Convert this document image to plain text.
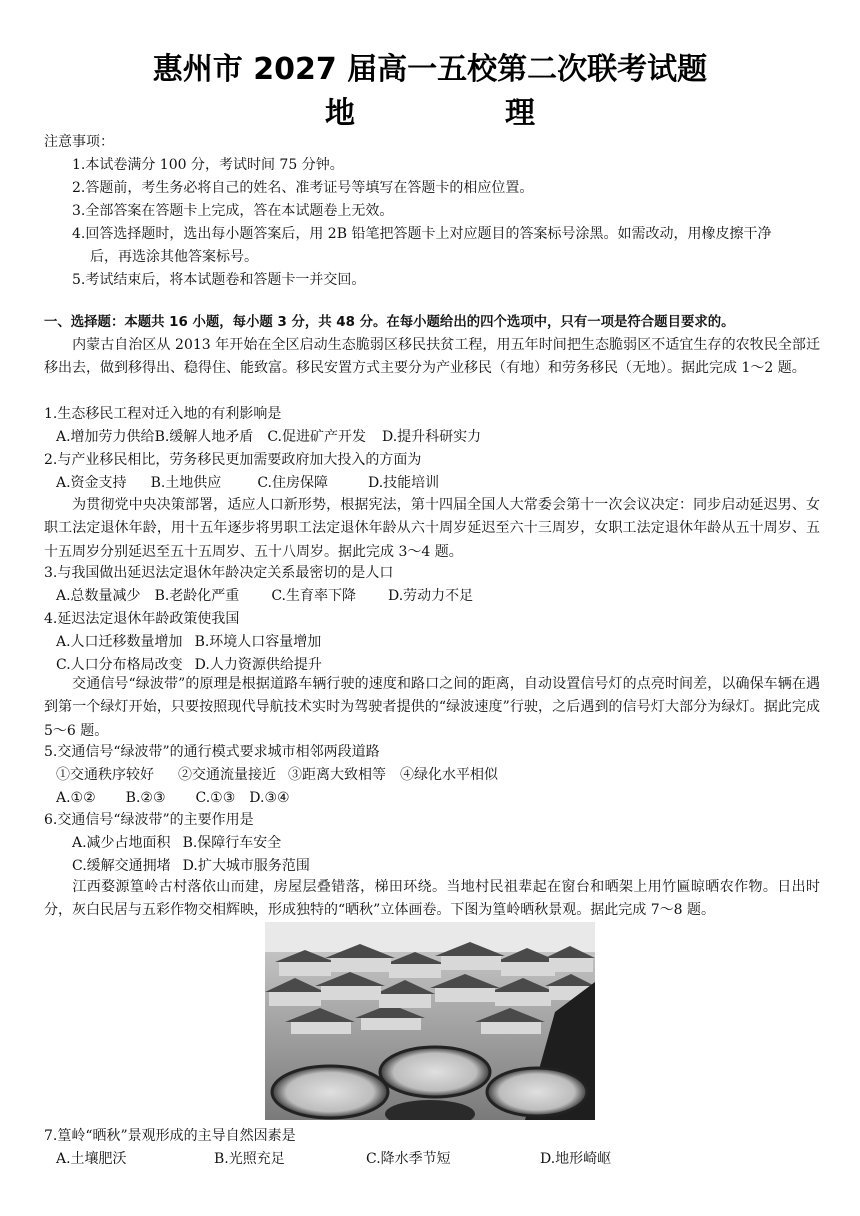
惠州市 2027 届高一五校第二次联考试题
地　理
注意事项：
1.本试卷满分 100 分，考试时间 75 分钟。
2.答题前，考生务必将自己的姓名、准考证号等填写在答题卡的相应位置。
3.全部答案在答题卡上完成，答在本试题卷上无效。
4.回答选择题时，选出每小题答案后，用 2B 铅笔把答题卡上对应题目的答案标号涂黑。如需改动，用橡皮擦干净
后，再选涂其他答案标号。
5.考试结束后，将本试题卷和答题卡一并交回。
一、选择题：本题共 16 小题，每小题 3 分，共 48 分。在每小题给出的四个选项中，只有一项是符合题目要求的。
内蒙古自治区从 2013 年开始在全区启动生态脆弱区移民扶贫工程，用五年时间把生态脆弱区不适宜生存的农牧民全部迁移出去，做到移得出、稳得住、能致富。移民安置方式主要分为产业移民（有地）和劳务移民（无地）。据此完成 1～2 题。
1.生态移民工程对迁入地的有利影响是
A.增加劳力供给B.缓解人地矛盾 C.促进矿产开发 D.提升科研实力
2.与产业移民相比，劳务移民更加需要政府加大投入的方面为
A.资金支持 B.土地供应	C.住房保障	D.技能培训
为贯彻党中央决策部署，适应人口新形势，根据宪法，第十四届全国人大常委会第十一次会议决定：同步启动延迟男、女职工法定退休年龄，用十五年逐步将男职工法定退休年龄从六十周岁延迟至六十三周岁，女职工法定退休年龄从五十周岁、五十五周岁分别延迟至五十五周岁、五十八周岁。据此完成 3～4 题。
3.与我国做出延迟法定退休年龄决定关系最密切的是人口
A.总数量减少 B.老龄化严重 C.生育率下降 D.劳动力不足
4.延迟法定退休年龄政策使我国
A.人口迁移数量增加 B.环境人口容量增加
C.人口分布格局改变 D.人力资源供给提升
交通信号“绿波带”的原理是根据道路车辆行驶的速度和路口之间的距离，自动设置信号灯的点亮时间差，以确保车辆在遇到第一个绿灯开始，只要按照现代导航技术实时为驾驶者提供的“绿波速度”行驶，之后遇到的信号灯大部分为绿灯。据此完成 5～6 题。
5.交通信号“绿波带”的通行模式要求城市相邻两段道路
①交通秩序较好 ②交通流量接近 ③距离大致相等 ④绿化水平相似
A.①② B.②③ C.①③ D.③④
6.交通信号“绿波带”的主要作用是
A.减少占地面积 B.保障行车安全
C.缓解交通拥堵 D.扩大城市服务范围
江西婺源篁岭古村落依山而建，房屋层叠错落，梯田环绕。当地村民祖辈起在窗台和晒架上用竹匾晾晒农作物。日出时分，灰白民居与五彩作物交相辉映，形成独特的“晒秋”立体画卷。下图为篁岭晒秋景观。据此完成 7～8 题。
7.篁岭“晒秋”景观形成的主导自然因素是
A.土壤肥沃	B.光照充足	C.降水季节短	D.地形崎岖
